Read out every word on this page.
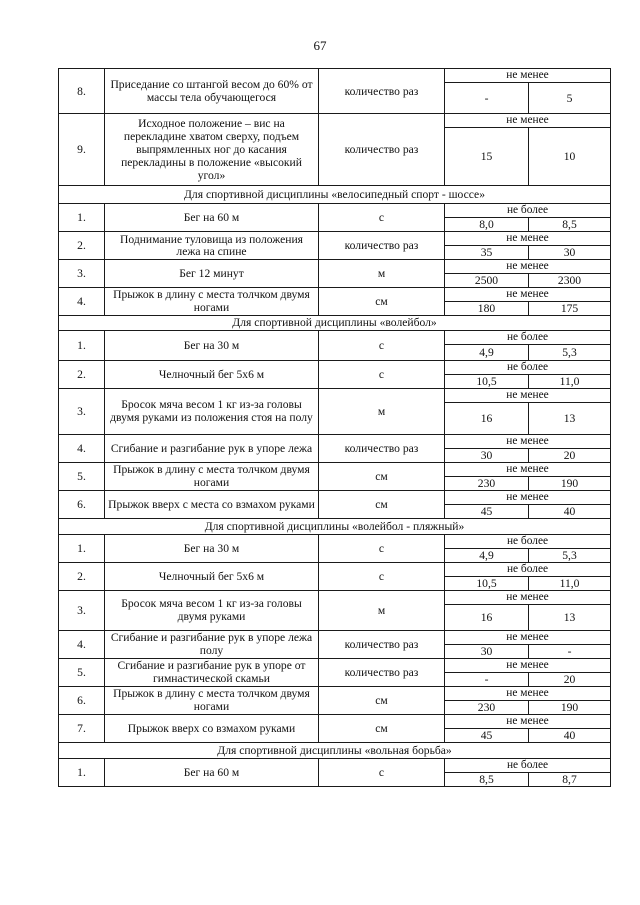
67
8.	Приседание со штангой весом до 60% от массы тела обучающегося	количество раз	не менее	
			-	5
9.	Исходное положение – вис на перекладине хватом сверху, подъем выпрямленных ног до касания перекладины в положение «высокий угол»	количество раз	не менее	
			15	10
Для спортивной дисциплины «велосипедный спорт - шоссе»				
1.	Бег на 60 м	с	не более	
			8,0	8,5
2.	Поднимание туловища из положения лежа на спине	количество раз	не менее	
			35	30
3.	Бег 12 минут	м	не менее	
			2500	2300
4.	Прыжок в длину с места толчком двумя ногами	см	не менее	
			180	175
Для спортивной дисциплины «волейбол»				
1.	Бег на 30 м	с	не более	
			4,9	5,3
2.	Челночный бег 5х6 м	с	не более	
			10,5	11,0
3.	Бросок мяча весом 1 кг из-за головы двумя руками из положения стоя на полу	м	не менее	
			16	13
4.	Сгибание и разгибание рук в упоре лежа	количество раз	не менее	
			30	20
5.	Прыжок в длину с места толчком двумя ногами	см	не менее	
			230	190
6.	Прыжок вверх с места со взмахом руками	см	не менее	
			45	40
Для спортивной дисциплины «волейбол - пляжный»				
1.	Бег на 30 м	с	не более	
			4,9	5,3
2.	Челночный бег 5х6 м	с	не более	
			10,5	11,0
3.	Бросок мяча весом 1 кг из-за головы двумя руками	м	не менее	
			16	13
4.	Сгибание и разгибание рук в упоре лежа полу	количество раз	не менее	
			30	-
5.	Сгибание и разгибание рук в упоре от гимнастической скамьи	количество раз	не менее	
			-	20
6.	Прыжок в длину с места толчком двумя ногами	см	не менее	
			230	190
7.	Прыжок вверх со взмахом руками	см	не менее	
			45	40
Для спортивной дисциплины «вольная борьба»				
1.	Бег на 60 м	с	не более	
			8,5	8,7
